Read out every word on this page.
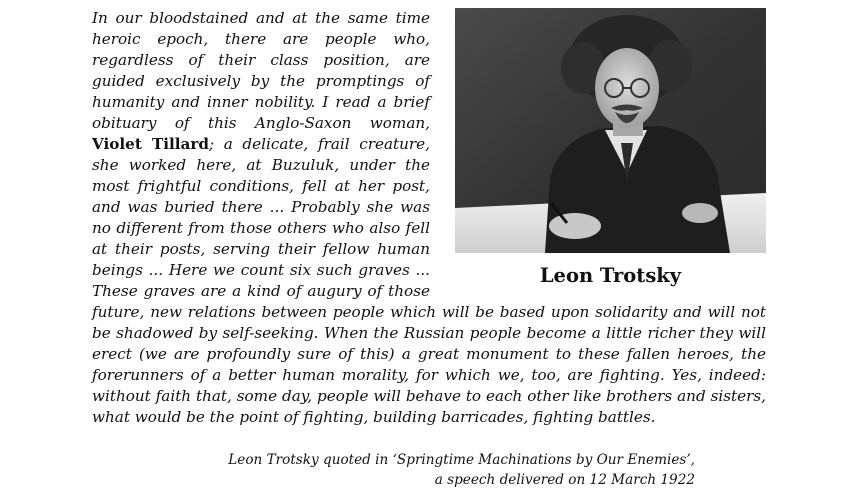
Leon Trotsky

In our bloodstained and at the same time heroic epoch, there are people who, regardless of their class position, are guided exclusively by the promptings of humanity and inner nobility. I read a brief obituary of this Anglo-Saxon woman, Violet Tillard; a delicate, frail creature, she worked here, at Buzuluk, under the most frightful conditions, fell at her post, and was buried there ... Probably she was no different from those others who also fell at their posts, serving their fellow human beings ... Here we count six such graves ... These graves are a kind of augury of those future, new relations between people which will be based upon solidarity and will not be shadowed by self-seeking. When the Russian people become a little richer they will erect (we are profoundly sure of this) a great monument to these fallen heroes, the forerunners of a better human morality, for which we, too, are fighting. Yes, indeed: without faith that, some day, people will behave to each other like brothers and sisters, what would be the point of fighting, building barricades, fighting battles.

Leon Trotsky quoted in ‘Springtime Machinations by Our Enemies’,
a speech delivered on 12 March 1922
